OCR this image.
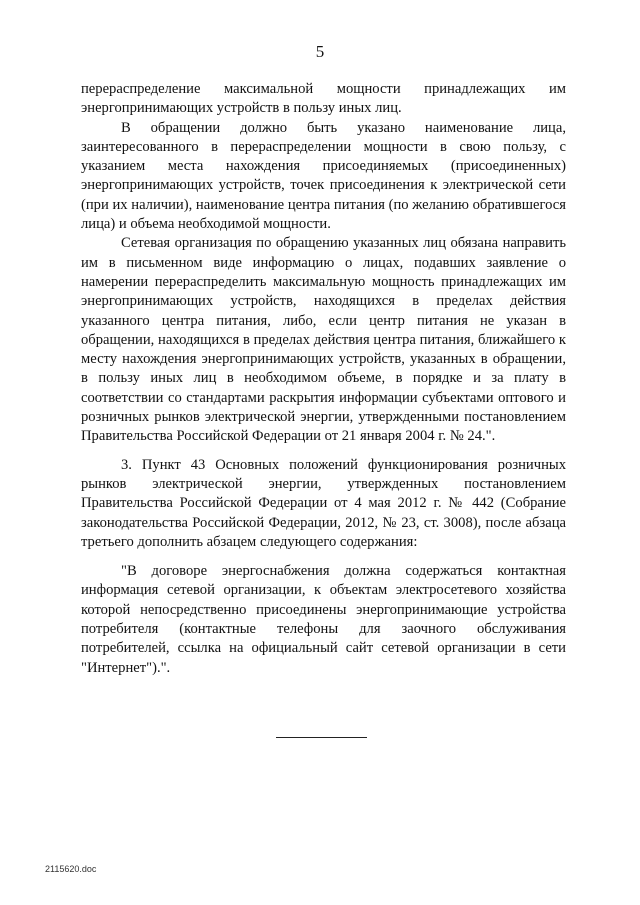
5

перераспределение максимальной мощности принадлежащих им энергопринимающих устройств в пользу иных лиц.

В обращении должно быть указано наименование лица, заинтересованного в перераспределении мощности в свою пользу, с указанием места нахождения присоединяемых (присоединенных) энергопринимающих устройств, точек присоединения к электрической сети (при их наличии), наименование центра питания (по желанию обратившегося лица) и объема необходимой мощности.

Сетевая организация по обращению указанных лиц обязана направить им в письменном виде информацию о лицах, подавших заявление о намерении перераспределить максимальную мощность принадлежащих им энергопринимающих устройств, находящихся в пределах действия указанного центра питания, либо, если центр питания не указан в обращении, находящихся в пределах действия центра питания, ближайшего к месту нахождения энергопринимающих устройств, указанных в обращении, в пользу иных лиц в необходимом объеме, в порядке и за плату в соответствии со стандартами раскрытия информации субъектами оптового и розничных рынков электрической энергии, утвержденными постановлением Правительства Российской Федерации от 21 января 2004 г. № 24.".

3. Пункт 43 Основных положений функционирования розничных рынков электрической энергии, утвержденных постановлением Правительства Российской Федерации от 4 мая 2012 г. № 442 (Собрание законодательства Российской Федерации, 2012, № 23, ст. 3008), после абзаца третьего дополнить абзацем следующего содержания:

"В договоре энергоснабжения должна содержаться контактная информация сетевой организации, к объектам электросетевого хозяйства которой непосредственно присоединены энергопринимающие устройства потребителя (контактные телефоны для заочного обслуживания потребителей, ссылка на официальный сайт сетевой организации в сети "Интернет").".

2115620.doc
